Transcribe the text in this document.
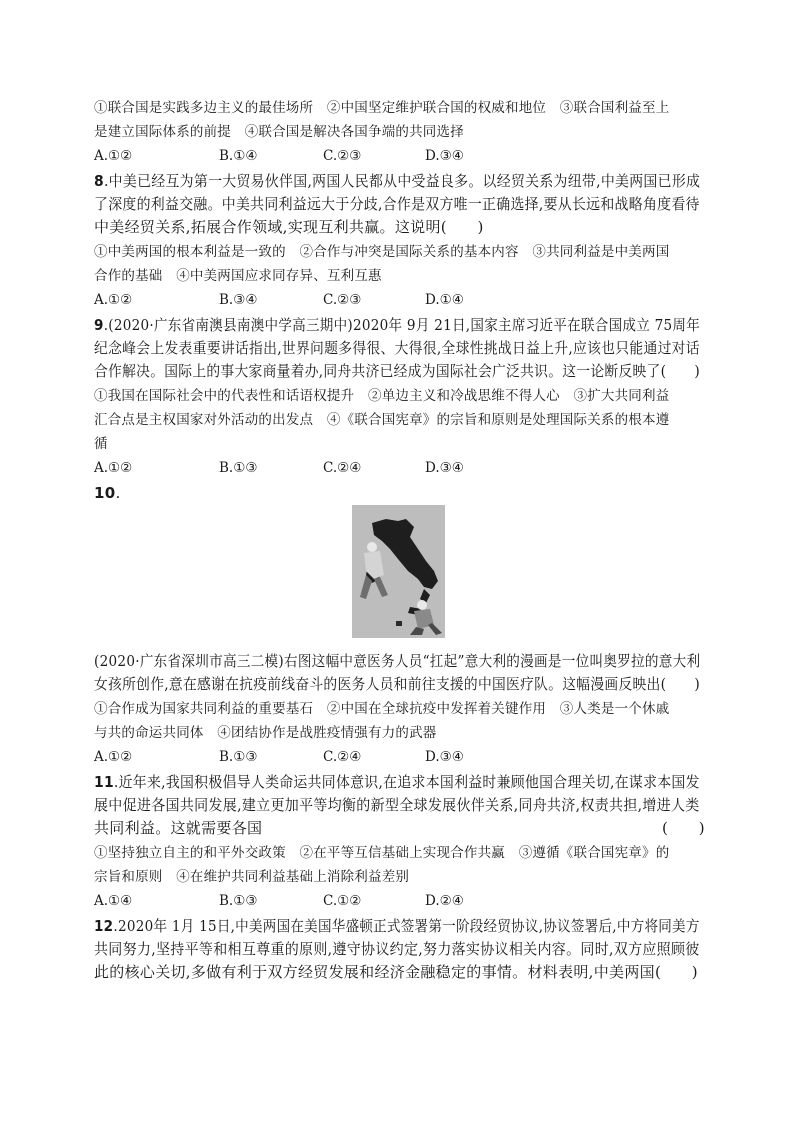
①联合国是实践多边主义的最佳场所　②中国坚定维护联合国的权威和地位　③联合国利益至上
是建立国际体系的前提　④联合国是解决各国争端的共同选择
A.①②	B.①④	C.②③	D.③④
8.中美已经互为第一大贸易伙伴国,两国人民都从中受益良多。以经贸关系为纽带,中美两国已形成
了深度的利益交融。中美共同利益远大于分歧,合作是双方唯一正确选择,要从长远和战略角度看待
中美经贸关系,拓展合作领域,实现互利共赢。这说明(　　)
①中美两国的根本利益是一致的　②合作与冲突是国际关系的基本内容　③共同利益是中美两国
合作的基础　④中美两国应求同存异、互利互惠
A.①②	B.③④	C.②③	D.①④
9.(2020·广东省南澳县南澳中学高三期中)2020年 9月 21日,国家主席习近平在联合国成立 75周年
纪念峰会上发表重要讲话指出,世界问题多得很、大得很,全球性挑战日益上升,应该也只能通过对话
合作解决。国际上的事大家商量着办,同舟共济已经成为国际社会广泛共识。这一论断反映了(　　)
①我国在国际社会中的代表性和话语权提升　②单边主义和冷战思维不得人心　③扩大共同利益
汇合点是主权国家对外活动的出发点　④《联合国宪章》的宗旨和原则是处理国际关系的根本遵
循
A.①②	B.①③	C.②④	D.③④
10.
(2020·广东省深圳市高三二模)右图这幅中意医务人员“扛起”意大利的漫画是一位叫奥罗拉的意大利
女孩所创作,意在感谢在抗疫前线奋斗的医务人员和前往支援的中国医疗队。这幅漫画反映出(　　)
①合作成为国家共同利益的重要基石　②中国在全球抗疫中发挥着关键作用　③人类是一个休戚
与共的命运共同体　④团结协作是战胜疫情强有力的武器
A.①②	B.①③	C.②④	D.③④
11.近年来,我国积极倡导人类命运共同体意识,在追求本国利益时兼顾他国合理关切,在谋求本国发
展中促进各国共同发展,建立更加平等均衡的新型全球发展伙伴关系,同舟共济,权责共担,增进人类
共同利益。这就需要各国	(　　)
①坚持独立自主的和平外交政策　②在平等互信基础上实现合作共赢　③遵循《联合国宪章》的
宗旨和原则　④在维护共同利益基础上消除利益差别
A.①④	B.①③	C.①②	D.②④
12.2020年 1月 15日,中美两国在美国华盛顿正式签署第一阶段经贸协议,协议签署后,中方将同美方
共同努力,坚持平等和相互尊重的原则,遵守协议约定,努力落实协议相关内容。同时,双方应照顾彼
此的核心关切,多做有利于双方经贸发展和经济金融稳定的事情。材料表明,中美两国(　　)
